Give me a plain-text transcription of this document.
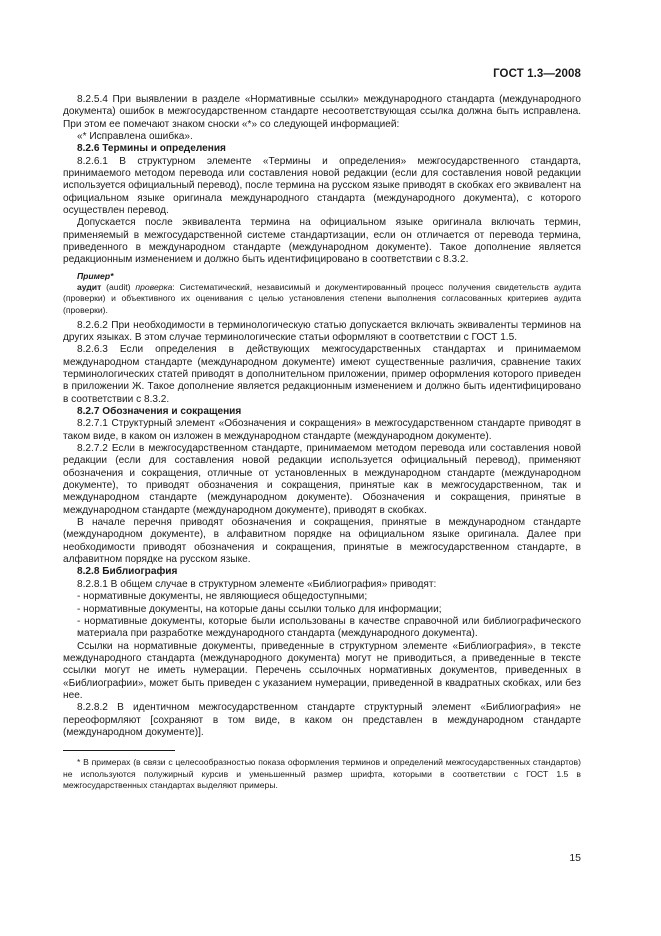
ГОСТ 1.3—2008

8.2.5.4 При выявлении в разделе «Нормативные ссылки» международного стандарта (международного документа) ошибок в межгосударственном стандарте несоответствующая ссылка должна быть исправлена. При этом ее помечают знаком сноски «*» со следующей информацией:

«* Исправлена ошибка».

8.2.6 Термины и определения

8.2.6.1 В структурном элементе «Термины и определения» межгосударственного стандарта, принимаемого методом перевода или составления новой редакции (если для составления новой редакции используется официальный перевод), после термина на русском языке приводят в скобках его эквивалент на официальном языке оригинала международного стандарта (международного документа), с которого осуществлен перевод.

Допускается после эквивалента термина на официальном языке оригинала включать термин, применяемый в межгосударственной системе стандартизации, если он отличается от перевода термина, приведенного в международном стандарте (международном документе). Такое дополнение является редакционным изменением и должно быть идентифицировано в соответствии с 8.3.2.

Пример*

аудит (audit) проверка: Систематический, независимый и документированный процесс получения свидетельств аудита (проверки) и объективного их оценивания с целью установления степени выполнения согласованных критериев аудита (проверки).

8.2.6.2 При необходимости в терминологическую статью допускается включать эквиваленты терминов на других языках. В этом случае терминологические статьи оформляют в соответствии с ГОСТ 1.5.

8.2.6.3 Если определения в действующих межгосударственных стандартах и принимаемом международном стандарте (международном документе) имеют существенные различия, сравнение таких терминологических статей приводят в дополнительном приложении, пример оформления которого приведен в приложении Ж. Такое дополнение является редакционным изменением и должно быть идентифицировано в соответствии с 8.3.2.

8.2.7 Обозначения и сокращения

8.2.7.1 Структурный элемент «Обозначения и сокращения» в межгосударственном стандарте приводят в таком виде, в каком он изложен в международном стандарте (международном документе).

8.2.7.2 Если в межгосударственном стандарте, принимаемом методом перевода или составления новой редакции (если для составления новой редакции используется официальный перевод), применяют обозначения и сокращения, отличные от установленных в международном стандарте (международном документе), то приводят обозначения и сокращения, принятые как в межгосударственном, так и международном стандарте (международном документе). Обозначения и сокращения, принятые в международном стандарте (международном документе), приводят в скобках.

В начале перечня приводят обозначения и сокращения, принятые в международном стандарте (международном документе), в алфавитном порядке на официальном языке оригинала. Далее при необходимости приводят обозначения и сокращения, принятые в межгосударственном стандарте, в алфавитном порядке на русском языке.

8.2.8 Библиография

8.2.8.1 В общем случае в структурном элементе «Библиография» приводят:

- нормативные документы, не являющиеся общедоступными;

- нормативные документы, на которые даны ссылки только для информации;

- нормативные документы, которые были использованы в качестве справочной или библиографического материала при разработке международного стандарта (международного документа).

Ссылки на нормативные документы, приведенные в структурном элементе «Библиография», в тексте международного стандарта (международного документа) могут не приводиться, а приведенные в тексте ссылки могут не иметь нумерации. Перечень ссылочных нормативных документов, приведенных в «Библиографии», может быть приведен с указанием нумерации, приведенной в квадратных скобках, или без нее.

8.2.8.2 В идентичном межгосударственном стандарте структурный элемент «Библиография» не переоформляют [сохраняют в том виде, в каком он представлен в международном стандарте (международном документе)].

* В примерах (в связи с целесообразностью показа оформления терминов и определений межгосударственных стандартов) не используются полужирный курсив и уменьшенный размер шрифта, которыми в соответствии с ГОСТ 1.5 в межгосударственных стандартах выделяют примеры.

15
